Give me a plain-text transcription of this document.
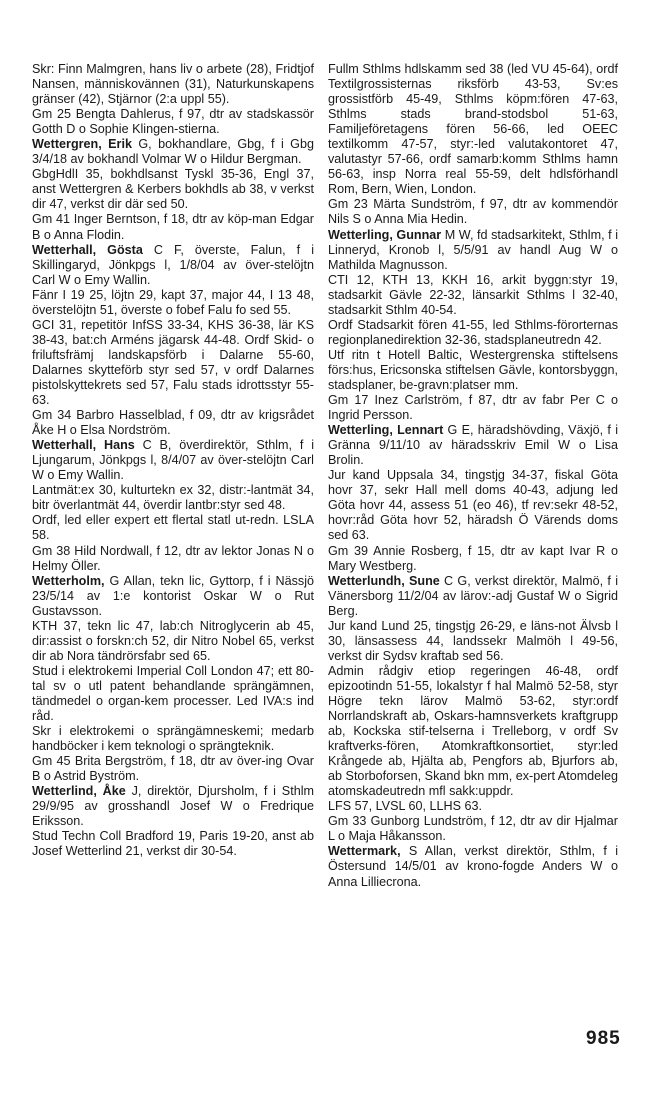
Skr: Finn Malmgren, hans liv o arbete (28), Fridtjof Nansen, människovännen (31), Naturkunskapens gränser (42), Stjärnor (2:a uppl 55).

Gm 25 Bengta Dahlerus, f 97, dtr av stadskassör Gotth D o Sophie Klingen-stierna.

Wettergren, Erik G, bokhandlare, Gbg, f i Gbg 3/4/18 av bokhandl Volmar W o Hildur Bergman.

GbgHdlI 35, bokhdlsanst Tyskl 35-36, Engl 37, anst Wettergren & Kerbers bokhdls ab 38, v verkst dir 47, verkst dir där sed 50.

Gm 41 Inger Berntson, f 18, dtr av köp-man Edgar B o Anna Flodin.

Wetterhall, Gösta C F, överste, Falun, f i Skillingaryd, Jönkpgs l, 1/8/04 av över-stelöjtn Carl W o Emy Wallin.

Fänr I 19 25, löjtn 29, kapt 37, major 44, I 13 48, överstelöjtn 51, överste o fobef Falu fo sed 55.

GCI 31, repetitör InfSS 33-34, KHS 36-38, lär KS 38-43, bat:ch Arméns jägarsk 44-48. Ordf Skid- o friluftsfrämj landskapsförb i Dalarne 55-60, Dalarnes skytteförb styr sed 57, v ordf Dalarnes pistolskyttekrets sed 57, Falu stads idrottsstyr 55-63.

Gm 34 Barbro Hasselblad, f 09, dtr av krigsrådet Åke H o Elsa Nordström.

Wetterhall, Hans C B, överdirektör, Sthlm, f i Ljungarum, Jönkpgs l, 8/4/07 av över-stelöjtn Carl W o Emy Wallin.

Lantmät:ex 30, kulturtekn ex 32, distr:-lantmät 34, bitr överlantmät 44, överdir lantbr:styr sed 48.

Ordf, led eller expert ett flertal statl ut-redn. LSLA 58.

Gm 38 Hild Nordwall, f 12, dtr av lektor Jonas N o Helmy Öller.

Wetterholm, G Allan, tekn lic, Gyttorp, f i Nässjö 23/5/14 av 1:e kontorist Oskar W o Rut Gustavsson.

KTH 37, tekn lic 47, lab:ch Nitroglycerin ab 45, dir:assist o forskn:ch 52, dir Nitro Nobel 65, verkst dir ab Nora tändrörsfabr sed 65.

Stud i elektrokemi Imperial Coll London 47; ett 80-tal sv o utl patent behandlande sprängämnen, tändmedel o organ-kem processer. Led IVA:s ind råd.

Skr i elektrokemi o sprängämneskemi; medarb handböcker i kem teknologi o sprängteknik.

Gm 45 Brita Bergström, f 18, dtr av över-ing Ovar B o Astrid Byström.

Wetterlind, Åke J, direktör, Djursholm, f i Sthlm 29/9/95 av grosshandl Josef W o Fredrique Eriksson.

Stud Techn Coll Bradford 19, Paris 19-20, anst ab Josef Wetterlind 21, verkst dir 30-54.

Fullm Sthlms hdlskamm sed 38 (led VU 45-64), ordf Textilgrossisternas riksförb 43-53, Sv:es grossistförb 45-49, Sthlms köpm:fören 47-63, Sthlms stads brand-stodsbol 51-63, Familjeföretagens fören 56-66, led OEEC textilkomm 47-57, styr:-led valutakontoret 47, valutastyr 57-66, ordf samarb:komm Sthlms hamn 56-63, insp Norra real 55-59, delt hdlsförhandl Rom, Bern, Wien, London.

Gm 23 Märta Sundström, f 97, dtr av kommendör Nils S o Anna Mia Hedin.

Wetterling, Gunnar M W, fd stadsarkitekt, Sthlm, f i Linneryd, Kronob l, 5/5/91 av handl Aug W o Mathilda Magnusson.

CTI 12, KTH 13, KKH 16, arkit byggn:styr 19, stadsarkit Gävle 22-32, länsarkit Sthlms l 32-40, stadsarkit Sthlm 40-54.

Ordf Stadsarkit fören 41-55, led Sthlms-förorternas regionplanedirektion 32-36, stadsplaneutredn 42.

Utf ritn t Hotell Baltic, Westergrenska stiftelsens förs:hus, Ericsonska stiftelsen Gävle, kontorsbyggn, stadsplaner, be-gravn:platser mm.

Gm 17 Inez Carlström, f 87, dtr av fabr Per C o Ingrid Persson.

Wetterling, Lennart G E, häradshövding, Växjö, f i Gränna 9/11/10 av häradsskriv Emil W o Lisa Brolin.

Jur kand Uppsala 34, tingstjg 34-37, fiskal Göta hovr 37, sekr Hall mell doms 40-43, adjung led Göta hovr 44, assess 51 (eo 46), tf rev:sekr 48-52, hovr:råd Göta hovr 52, häradsh Ö Värends doms sed 63.

Gm 39 Annie Rosberg, f 15, dtr av kapt Ivar R o Mary Westberg.

Wetterlundh, Sune C G, verkst direktör, Malmö, f i Vänersborg 11/2/04 av lärov:-adj Gustaf W o Sigrid Berg.

Jur kand Lund 25, tingstjg 26-29, e läns-not Älvsb l 30, länsassess 44, landssekr Malmöh l 49-56, verkst dir Sydsv kraftab sed 56.

Admin rådgiv etiop regeringen 46-48, ordf epizootindn 51-55, lokalstyr f hal Malmö 52-58, styr Högre tekn lärov Malmö 53-62, styr:ordf Norrlandskraft ab, Oskars-hamnsverkets kraftgrupp ab, Kockska stif-telserna i Trelleborg, v ordf Sv kraftverks-fören, Atomkraftkonsortiet, styr:led Krångede ab, Hjälta ab, Pengfors ab, Bjurfors ab, ab Storboforsen, Skand bkn mm, ex-pert Atomdeleg atomskadeutredn mfl sakk:uppdr.

LFS 57, LVSL 60, LLHS 63.

Gm 33 Gunborg Lundström, f 12, dtr av dir Hjalmar L o Maja Håkansson.

Wettermark, S Allan, verkst direktör, Sthlm, f i Östersund 14/5/01 av krono-fogde Anders W o Anna Lilliecrona.

985
